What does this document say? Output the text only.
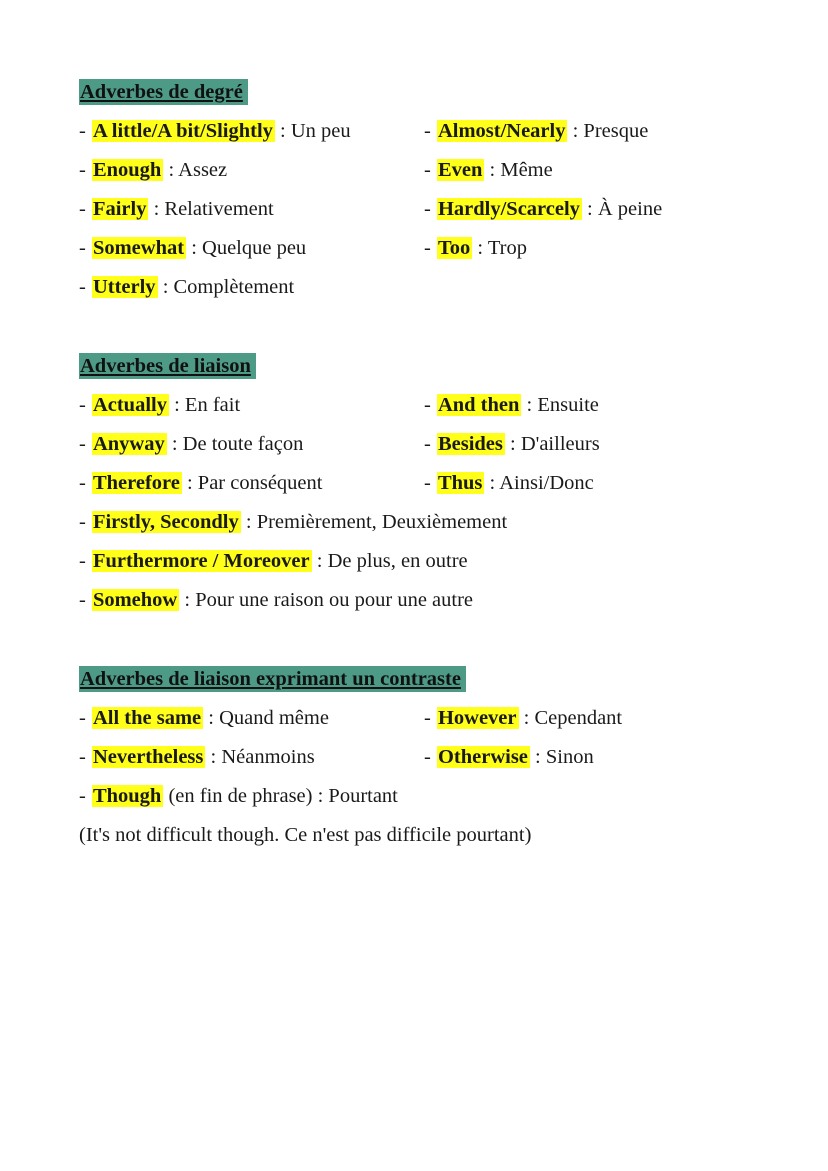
Adverbes de degré
- A little/A bit/Slightly : Un peu	- Almost/Nearly : Presque
- Enough : Assez	- Even : Même
- Fairly : Relativement	- Hardly/Scarcely : À peine
- Somewhat : Quelque peu	- Too : Trop
- Utterly : Complètement
Adverbes de liaison
- Actually : En fait	- And then : Ensuite
- Anyway : De toute façon	- Besides : D'ailleurs
- Therefore : Par conséquent	- Thus : Ainsi/Donc
- Firstly, Secondly : Premièrement, Deuxièmement
- Furthermore / Moreover : De plus, en outre
- Somehow : Pour une raison ou pour une autre
Adverbes de liaison exprimant un contraste
- All the same : Quand même	- However : Cependant
- Nevertheless : Néanmoins	- Otherwise : Sinon
- Though (en fin de phrase) : Pourtant
(It's not difficult though. Ce n'est pas difficile pourtant)
